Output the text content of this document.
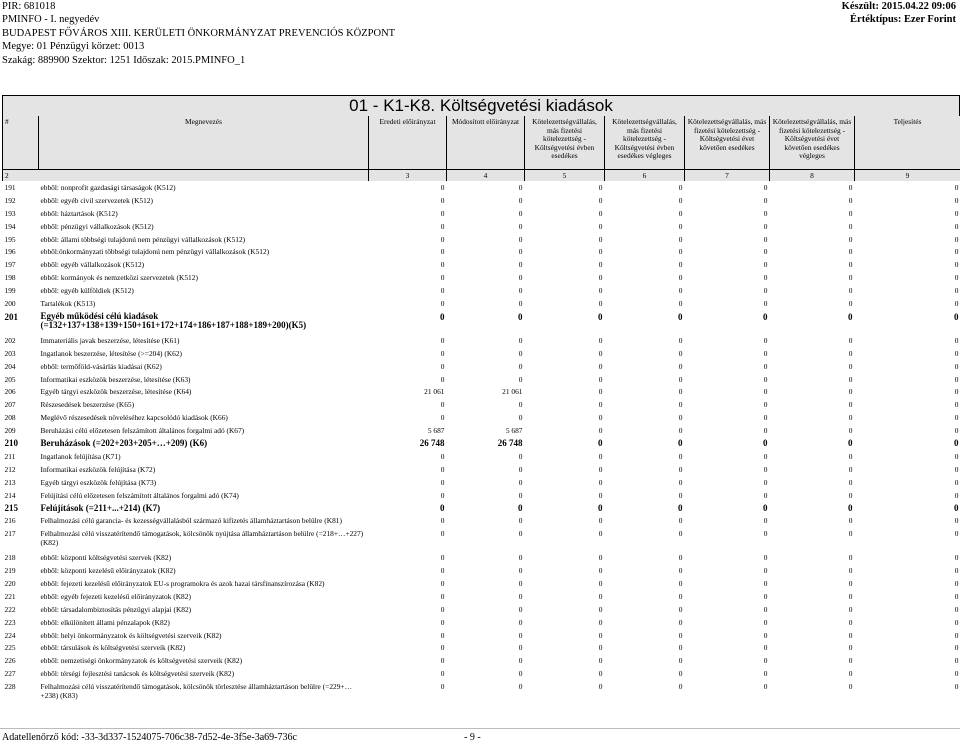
PIR: 681018
PMINFO - I. negyedév
BUDAPEST FŐVÁROS XIII. KERÜLETI ÖNKORMÁNYZAT PREVENCIÓS KÖZPONT
Megye: 01 Pénzügyi körzet: 0013
Szakág: 889900 Szektor: 1251 Időszak: 2015.PMINFO_1
Készült: 2015.04.22 09:06
Értéktípus: Ezer Forint
01 - K1-K8. Költségvetési kiadások
#	Megnevezés	Eredeti előirányzat	Módosított előirányzat	Kötelezettségvállalás, más fizetési kötelezettség - Költségvetési évben esedékes	Kötelezettségvállalás, más fizetési kötelezettség - Költségvetési évben esedékes végleges	Kötelezettségvállalás, más fizetési kötelezettség - Költségvetési évet követően esedékes	Kötelezettségvállalás, más fizetési kötelezettség - Költségvetési évet követően esedékes végleges	Teljesítés	
2		3	4	5	6	7	8	9	
191	ebből: nonprofit gazdasági társaságok (K512)	0	0	0	0	0	0	0	
192	ebből: egyéb civil szervezetek (K512)	0	0	0	0	0	0	0	
193	ebből: háztartások (K512)	0	0	0	0	0	0	0	
194	ebből: pénzügyi vállalkozások (K512)	0	0	0	0	0	0	0	
195	ebből: állami többségi tulajdonú nem pénzügyi vállalkozások (K512)	0	0	0	0	0	0	0	
196	ebből:önkormányzati többségi tulajdonú nem pénzügyi vállalkozások (K512)	0	0	0	0	0	0	0	
197	ebből: egyéb vállalkozások (K512)	0	0	0	0	0	0	0	
198	ebből: kormányok és nemzetközi szervezetek (K512)	0	0	0	0	0	0	0	
199	ebből: egyéb külföldiek (K512)	0	0	0	0	0	0	0	
200	Tartalékok (K513)	0	0	0	0	0	0	0	
201	Egyéb működési célú kiadások (=132+137+138+139+150+161+172+174+186+187+188+189+200)(K5)	0	0	0	0	0	0	0	
202	Immateriális javak beszerzése, létesítése (K61)	0	0	0	0	0	0	0	
203	Ingatlanok beszerzése, létesítése (>=204) (K62)	0	0	0	0	0	0	0	
204	ebből: termőföld-vásárlás kiadásai (K62)	0	0	0	0	0	0	0	
205	Informatikai eszközök beszerzése, létesítése (K63)	0	0	0	0	0	0	0	
206	Egyéb tárgyi eszközök beszerzése, létesítése (K64)	21 061	21 061	0	0	0	0	0	
207	Részesedések beszerzése (K65)	0	0	0	0	0	0	0	
208	Meglévő részesedések növeléséhez kapcsolódó kiadások (K66)	0	0	0	0	0	0	0	
209	Beruházási célú előzetesen felszámított általános forgalmi adó (K67)	5 687	5 687	0	0	0	0	0	
210	Beruházások (=202+203+205+…+209) (K6)	26 748	26 748	0	0	0	0	0	
211	Ingatlanok felújítása (K71)	0	0	0	0	0	0	0	
212	Informatikai eszközök felújítása (K72)	0	0	0	0	0	0	0	
213	Egyéb tárgyi eszközök felújítása (K73)	0	0	0	0	0	0	0	
214	Felújítási célú előzetesen felszámított általános forgalmi adó (K74)	0	0	0	0	0	0	0	
215	Felújítások (=211+...+214) (K7)	0	0	0	0	0	0	0	
216	Felhalmozási célú garancia- és kezességvállalásból származó kifizetés államháztartáson belülre (K81)	0	0	0	0	0	0	0	
217	Felhalmozási célú visszatérítendő támogatások, kölcsönök nyújtása államháztartáson belülre (=218+…+227) (K82)	0	0	0	0	0	0	0	
218	ebből: központi költségvetési szervek (K82)	0	0	0	0	0	0	0	
219	ebből: központi kezelésű előirányzatok (K82)	0	0	0	0	0	0	0	
220	ebből: fejezeti kezelésű előirányzatok EU-s programokra és azok hazai társfinanszírozása (K82)	0	0	0	0	0	0	0	
221	ebből: egyéb fejezeti kezelésű előirányzatok (K82)	0	0	0	0	0	0	0	
222	ebből: társadalombiztosítás pénzügyi alapjai (K82)	0	0	0	0	0	0	0	
223	ebből: elkülönített állami pénzalapok (K82)	0	0	0	0	0	0	0	
224	ebből: helyi önkormányzatok és költségvetési szerveik (K82)	0	0	0	0	0	0	0	
225	ebből: társulások és költségvetési szerveik (K82)	0	0	0	0	0	0	0	
226	ebből: nemzetiségi önkormányzatok és költségvetési szerveik (K82)	0	0	0	0	0	0	0	
227	ebből: térségi fejlesztési tanácsok és költségvetési szerveik (K82)	0	0	0	0	0	0	0	
228	Felhalmozási célú visszatérítendő támogatások, kölcsönök törlesztése államháztartáson belülre (=229+…+238) (K83)	0	0	0	0	0	0	0	
Adatellenőrző kód: -33-3d337-1524075-706c38-7d52-4e-3f5e-3a69-736c	- 9 -
